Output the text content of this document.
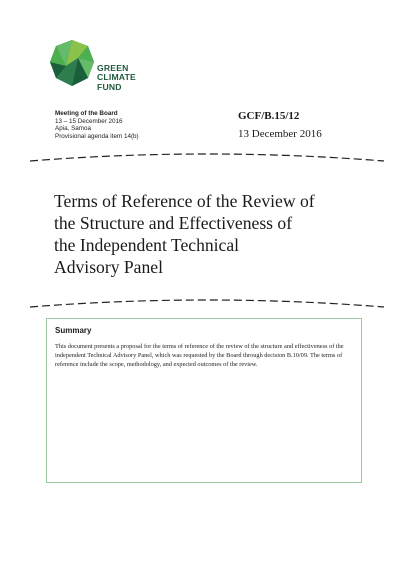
GREEN
CLIMATE
FUND
Meeting of the Board
13 – 15 December 2016
Apia, Samoa
Provisional agenda item 14(b)
GCF/B.15/12
13 December 2016
Terms of Reference of the Review of
the Structure and Effectiveness of
the Independent Technical
Advisory Panel
Summary

This document presents a proposal for the terms of reference of the review of the structure and effectiveness of the independent Technical Advisory Panel, which was requested by the Board through decision B.10/09. The terms of reference include the scope, methodology, and expected outcomes of the review.
